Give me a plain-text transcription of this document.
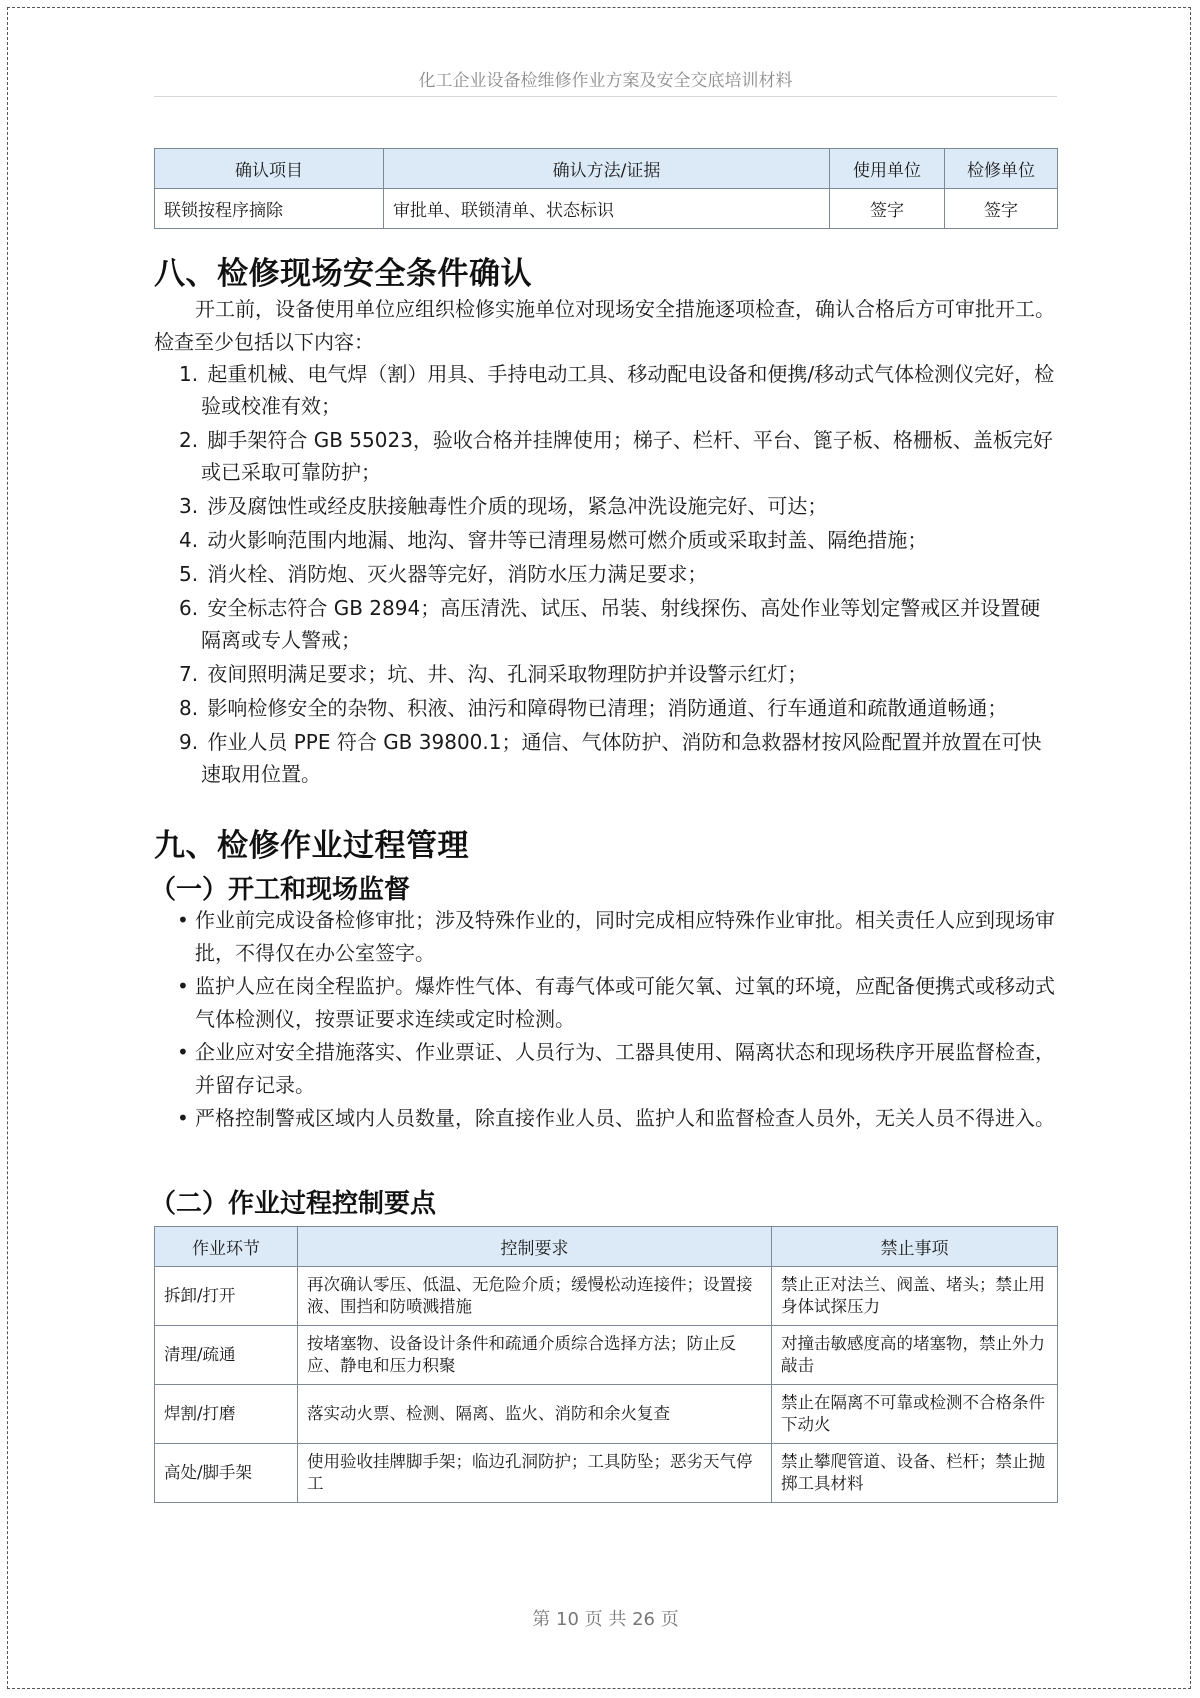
化工企业设备检维修作业方案及安全交底培训材料
确认项目	确认方法/证据	使用单位	检修单位
联锁按程序摘除	审批单、联锁清单、状态标识	签字	签字
八、检修现场安全条件确认

开工前，设备使用单位应组织检修实施单位对现场安全措施逐项检查，确认合格后方可审批开工。检查至少包括以下内容：

1. 起重机械、电气焊（割）用具、手持电动工具、移动配电设备和便携/移动式气体检测仪完好，检验或校准有效；
2. 脚手架符合 GB 55023，验收合格并挂牌使用；梯子、栏杆、平台、篦子板、格栅板、盖板完好或已采取可靠防护；
3. 涉及腐蚀性或经皮肤接触毒性介质的现场，紧急冲洗设施完好、可达；
4. 动火影响范围内地漏、地沟、窨井等已清理易燃可燃介质或采取封盖、隔绝措施；
5. 消火栓、消防炮、灭火器等完好，消防水压力满足要求；
6. 安全标志符合 GB 2894；高压清洗、试压、吊装、射线探伤、高处作业等划定警戒区并设置硬隔离或专人警戒；
7. 夜间照明满足要求；坑、井、沟、孔洞采取物理防护并设警示红灯；
8. 影响检修安全的杂物、积液、油污和障碍物已清理；消防通道、行车通道和疏散通道畅通；
9. 作业人员 PPE 符合 GB 39800.1；通信、气体防护、消防和急救器材按风险配置并放置在可快速取用位置。
九、检修作业过程管理
（一）开工和现场监督
• 作业前完成设备检修审批；涉及特殊作业的，同时完成相应特殊作业审批。相关责任人应到现场审批，不得仅在办公室签字。
• 监护人应在岗全程监护。爆炸性气体、有毒气体或可能欠氧、过氧的环境，应配备便携式或移动式气体检测仪，按票证要求连续或定时检测。
• 企业应对安全措施落实、作业票证、人员行为、工器具使用、隔离状态和现场秩序开展监督检查，并留存记录。
• 严格控制警戒区域内人员数量，除直接作业人员、监护人和监督检查人员外，无关人员不得进入。
（二）作业过程控制要点
作业环节	控制要求	禁止事项
拆卸/打开	再次确认零压、低温、无危险介质；缓慢松动连接件；设置接液、围挡和防喷溅措施	禁止正对法兰、阀盖、堵头；禁止用身体试探压力
清理/疏通	按堵塞物、设备设计条件和疏通介质综合选择方法；防止反应、静电和压力积聚	对撞击敏感度高的堵塞物，禁止外力敲击
焊割/打磨	落实动火票、检测、隔离、监火、消防和余火复查	禁止在隔离不可靠或检测不合格条件下动火
高处/脚手架	使用验收挂牌脚手架；临边孔洞防护；工具防坠；恶劣天气停工	禁止攀爬管道、设备、栏杆；禁止抛掷工具材料
第 10 页 共 26 页
